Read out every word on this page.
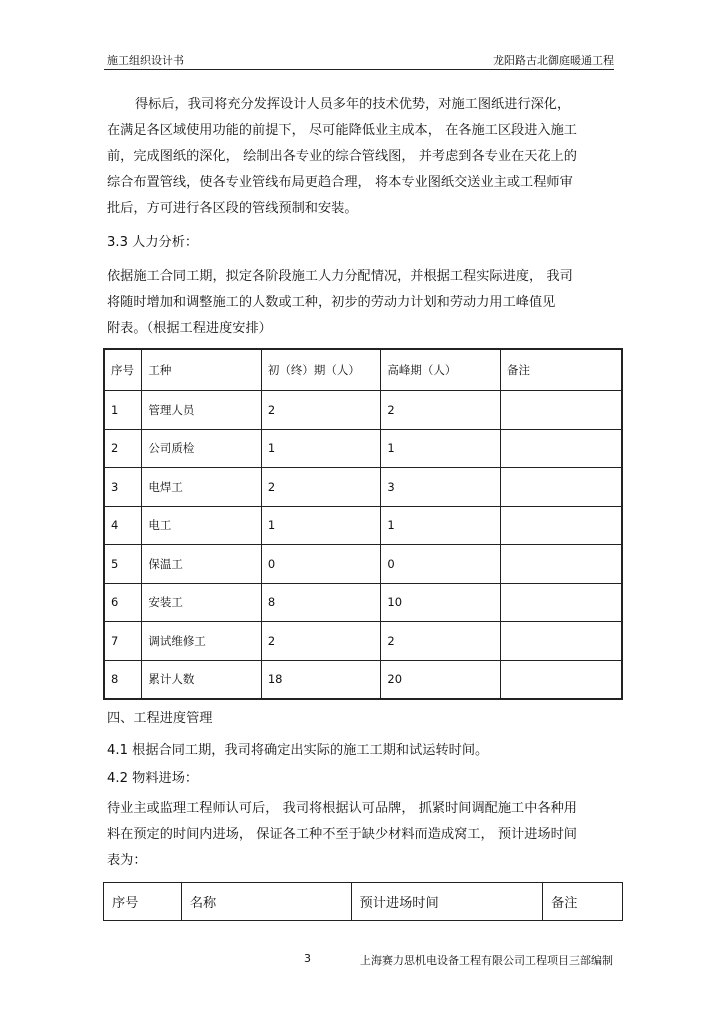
施工组织设计书	龙阳路古北御庭暖通工程

得标后，我司将充分发挥设计人员多年的技术优势，对施工图纸进行深化，
在满足各区域使用功能的前提下， 尽可能降低业主成本， 在各施工区段进入施工
前，完成图纸的深化， 绘制出各专业的综合管线图， 并考虑到各专业在天花上的
综合布置管线，使各专业管线布局更趋合理， 将本专业图纸交送业主或工程师审
批后，方可进行各区段的管线预制和安装。

3.3 人力分析：

依据施工合同工期，拟定各阶段施工人力分配情况，并根据工程实际进度， 我司
将随时增加和调整施工的人数或工种，初步的劳动力计划和劳动力用工峰值见
附表。（根据工程进度安排）

序号	工种	初（终）期（人）	高峰期（人）	备注
1	管理人员	2	2	
2	公司质检	1	1	
3	电焊工	2	3	
4	电工	1	1	
5	保温工	0	0	
6	安装工	8	10	
7	调试维修工	2	2	
8	累计人数	18	20	

四、工程进度管理

4.1 根据合同工期，我司将确定出实际的施工工期和试运转时间。

4.2 物料进场：

待业主或监理工程师认可后， 我司将根据认可品牌， 抓紧时间调配施工中各种用
料在预定的时间内进场， 保证各工种不至于缺少材料而造成窝工， 预计进场时间
表为：

序号	名称	预计进场时间	备注
3	上海赛力思机电设备工程有限公司工程项目三部编制
